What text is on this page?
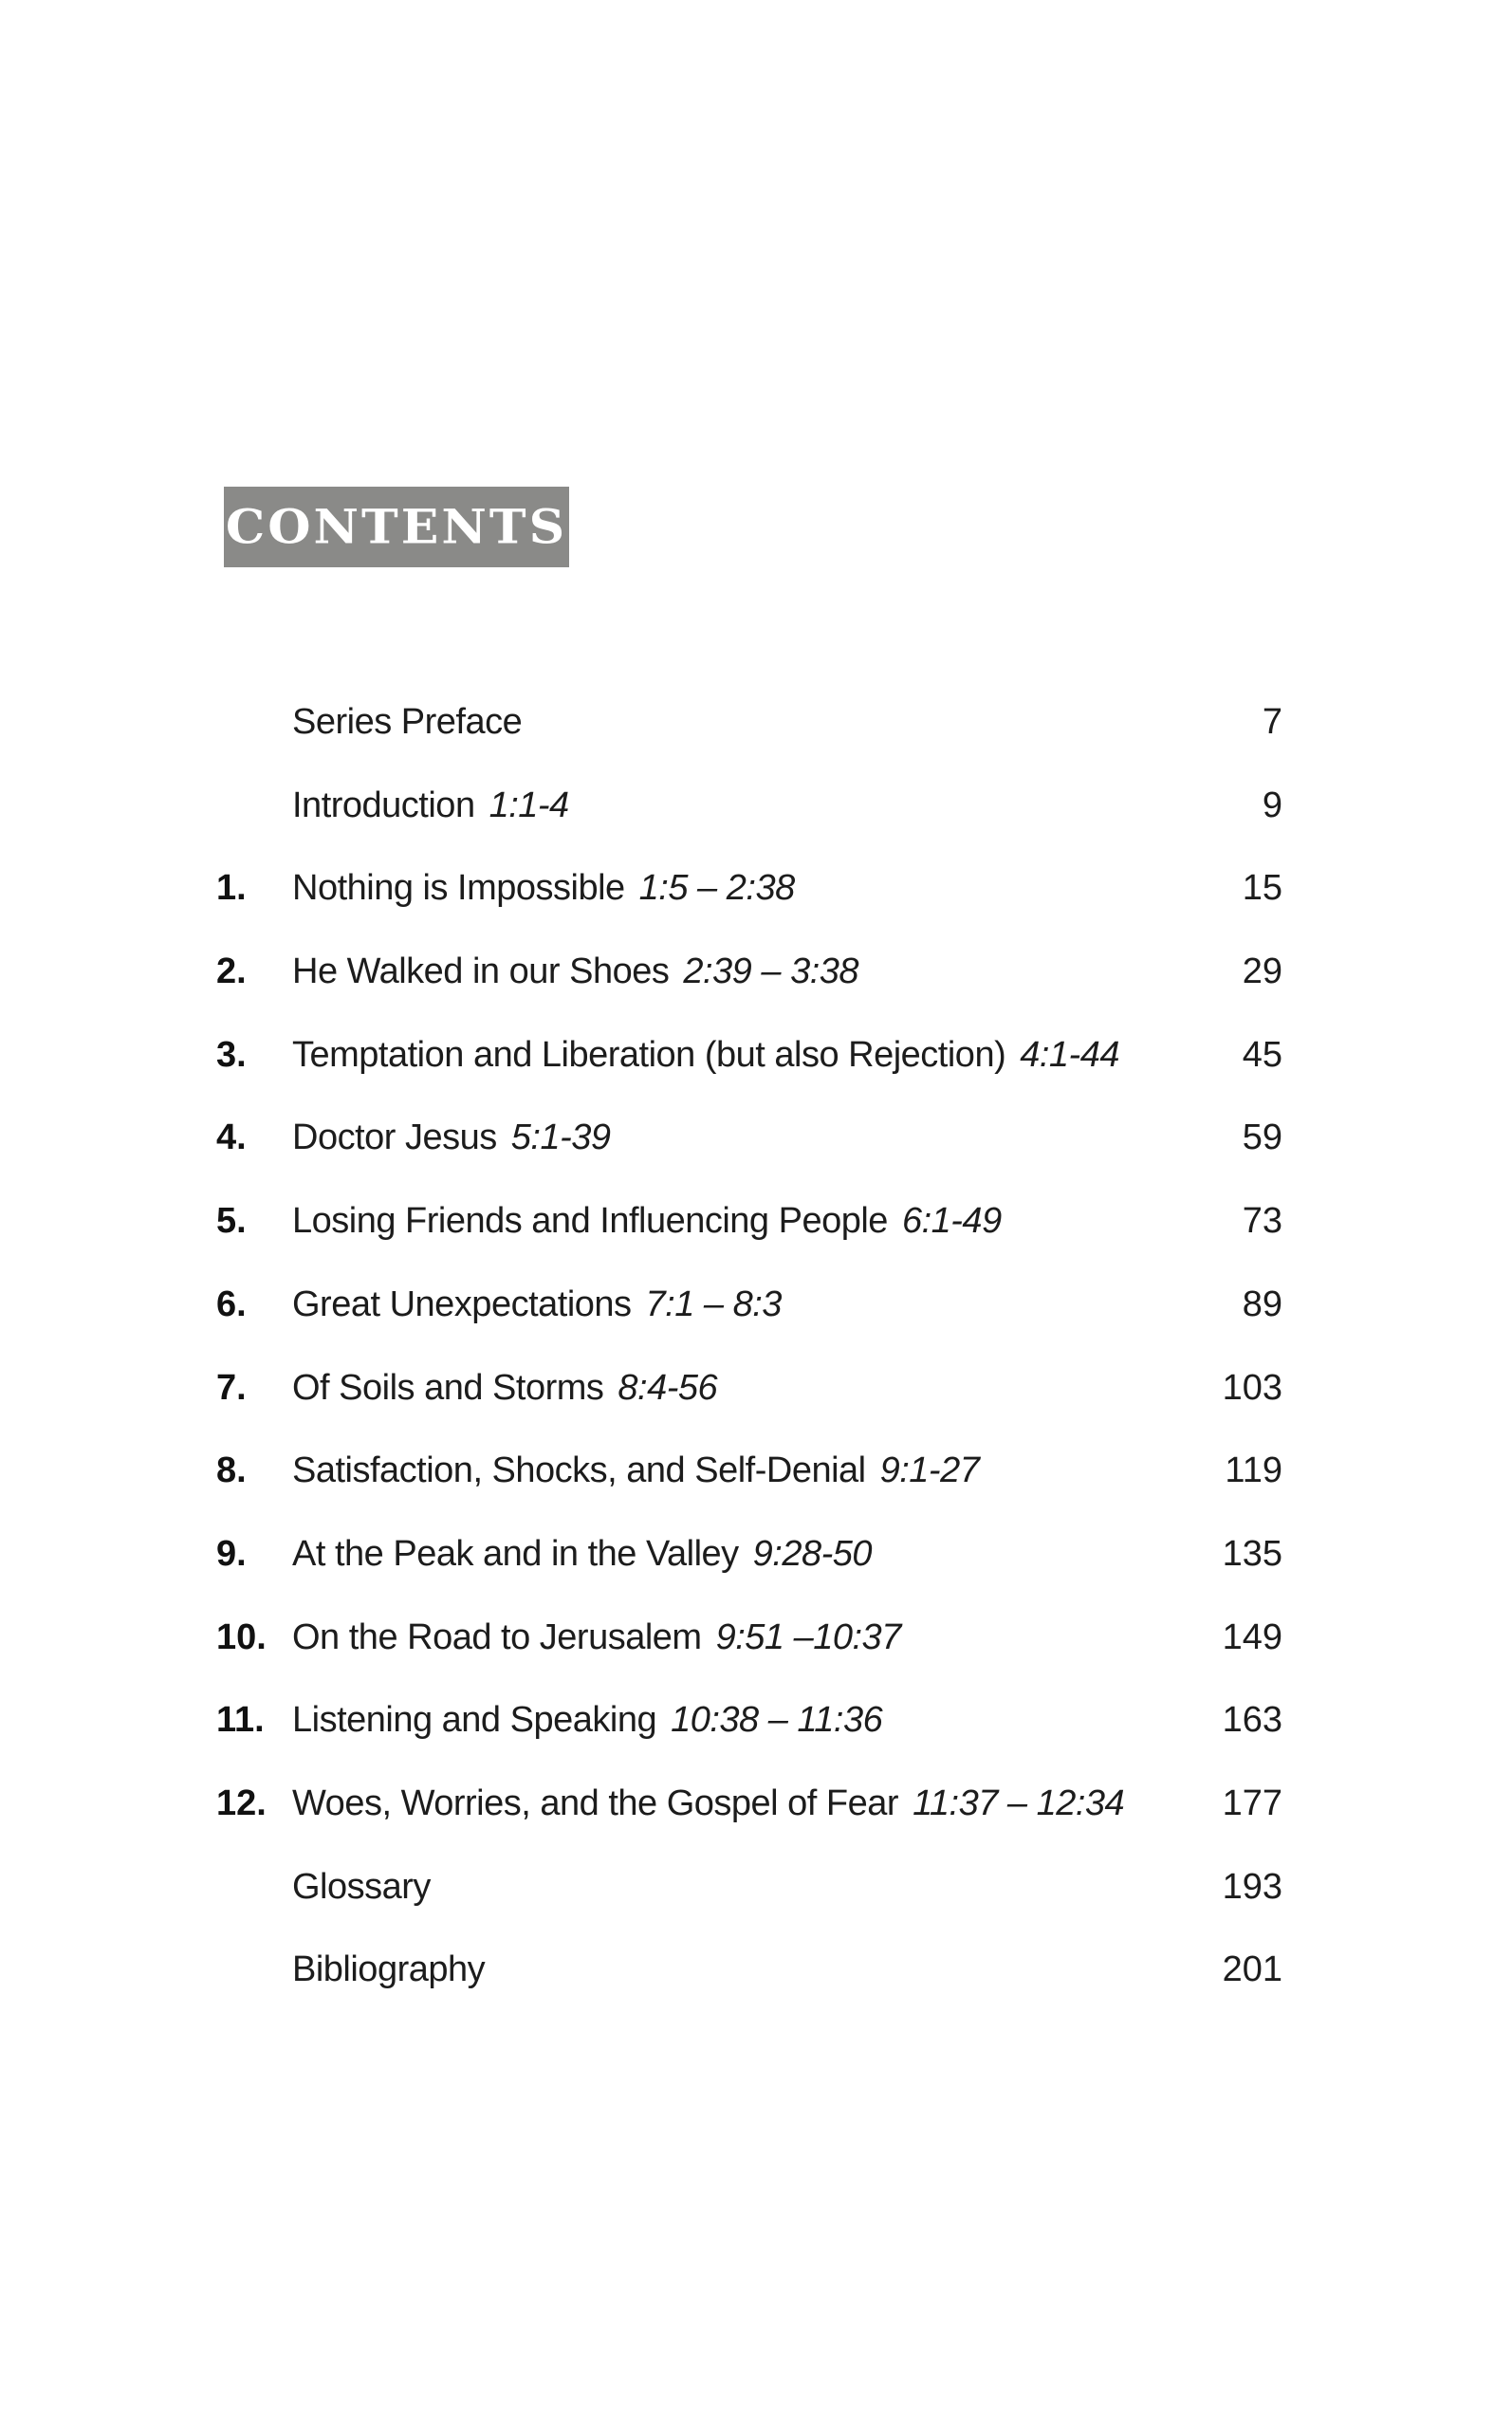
CONTENTS
Series Preface	7
Introduction 1:1-4	9
1.	Nothing is Impossible 1:5 – 2:38	15
2.	He Walked in our Shoes 2:39 – 3:38	29
3.	Temptation and Liberation (but also Rejection) 4:1-44	45
4.	Doctor Jesus 5:1-39	59
5.	Losing Friends and Influencing People 6:1-49	73
6.	Great Unexpectations 7:1 – 8:3	89
7.	Of Soils and Storms 8:4-56	103
8.	Satisfaction, Shocks, and Self-Denial 9:1-27	119
9.	At the Peak and in the Valley 9:28-50	135
10. On the Road to Jerusalem 9:51 –10:37	149
11. Listening and Speaking 10:38 – 11:36	163
12. Woes, Worries, and the Gospel of Fear 11:37 – 12:34	177
Glossary	193
Bibliography	201
